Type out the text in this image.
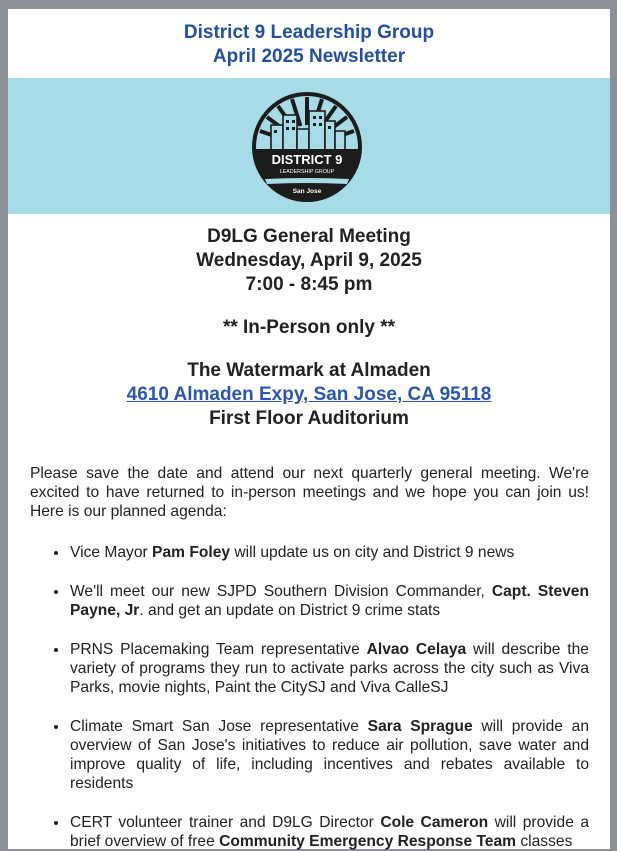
District 9 Leadership Group
April 2025 Newsletter
DISTRICT 9
LEADERSHIP GROUP
San Jose
D9LG General Meeting
Wednesday, April 9, 2025
7:00 - 8:45 pm
** In-Person only **
The Watermark at Almaden
4610 Almaden Expy, San Jose, CA 95118
First Floor Auditorium

Please save the date and attend our next quarterly general meeting. We're excited to have returned to in-person meetings and we hope you can join us! Here is our planned agenda:

• Vice Mayor Pam Foley will update us on city and District 9 news
• We'll meet our new SJPD Southern Division Commander, Capt. Steven Payne, Jr. and get an update on District 9 crime stats
• PRNS Placemaking Team representative Alvao Celaya will describe the variety of programs they run to activate parks across the city such as Viva Parks, movie nights, Paint the CitySJ and Viva CalleSJ
• Climate Smart San Jose representative Sara Sprague will provide an overview of San Jose's initiatives to reduce air pollution, save water and improve quality of life, including incentives and rebates available to residents
• CERT volunteer trainer and D9LG Director Cole Cameron will provide a brief overview of free Community Emergency Response Team classes
